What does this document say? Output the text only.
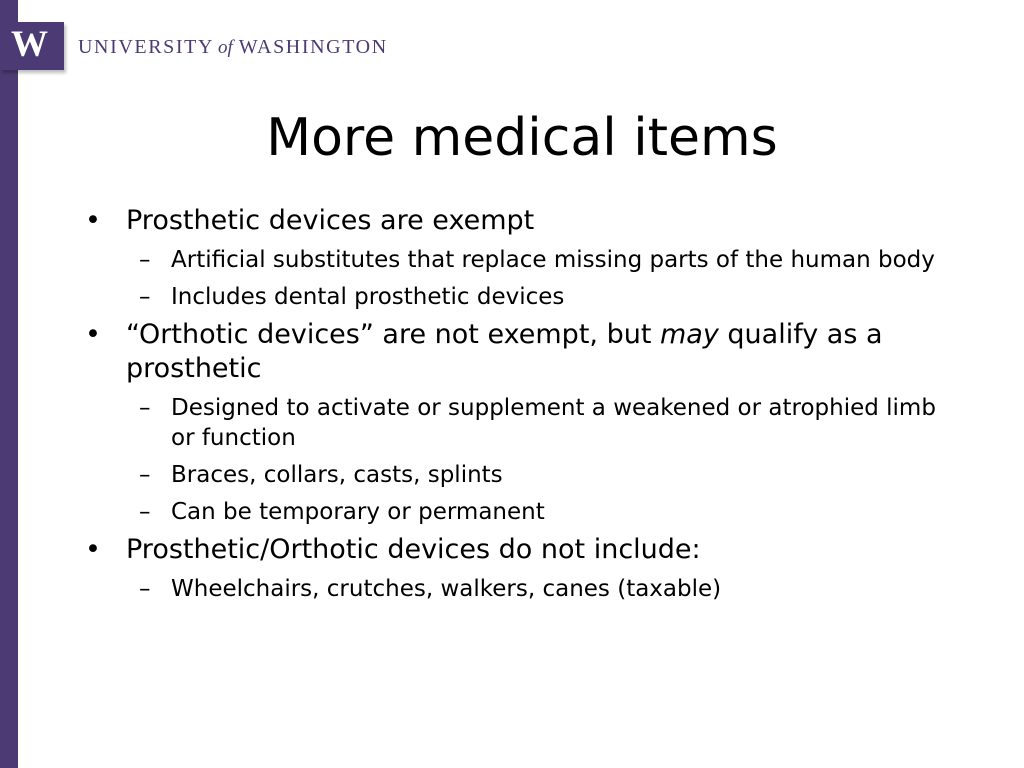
W UNIVERSITY of WASHINGTON
More medical items
• Prosthetic devices are exempt
– Artificial substitutes that replace missing parts of the human body
– Includes dental prosthetic devices
• “Orthotic devices” are not exempt, but may qualify as a prosthetic
– Designed to activate or supplement a weakened or atrophied limb or function
– Braces, collars, casts, splints
– Can be temporary or permanent
• Prosthetic/Orthotic devices do not include:
– Wheelchairs, crutches, walkers, canes (taxable)
